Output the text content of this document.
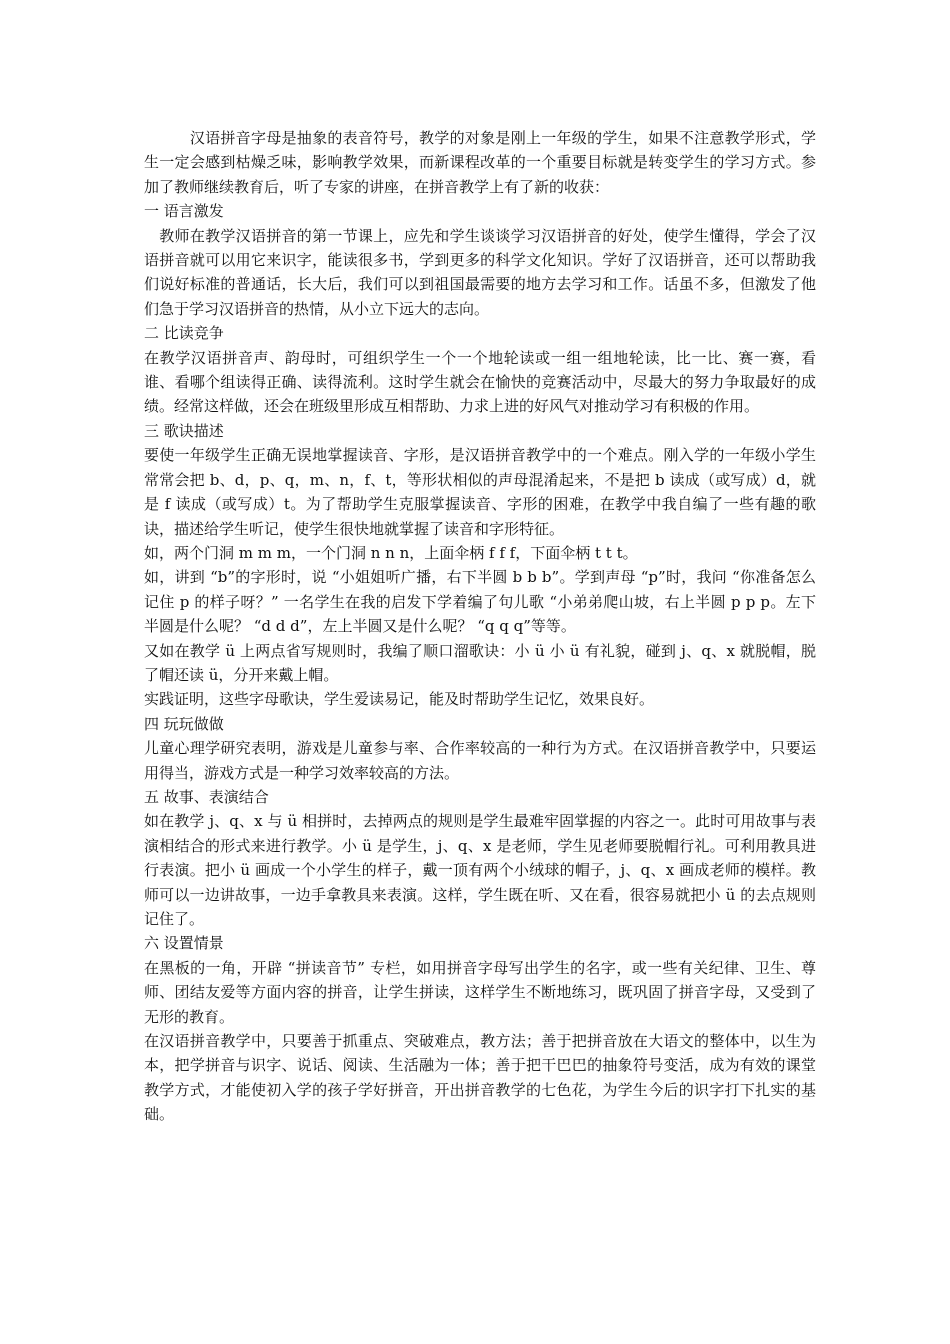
　　　汉语拼音字母是抽象的表音符号，教学的对象是刚上一年级的学生，如果不注意教学形式，学生一定会感到枯燥乏味，影响教学效果，而新课程改革的一个重要目标就是转变学生的学习方式。参加了教师继续教育后，听了专家的讲座，在拼音教学上有了新的收获：

一 语言激发

　教师在教学汉语拼音的第一节课上，应先和学生谈谈学习汉语拼音的好处，使学生懂得，学会了汉语拼音就可以用它来识字，能读很多书，学到更多的科学文化知识。学好了汉语拼音，还可以帮助我们说好标准的普通话，长大后，我们可以到祖国最需要的地方去学习和工作。话虽不多，但激发了他们急于学习汉语拼音的热情，从小立下远大的志向。

二 比读竞争

在教学汉语拼音声、韵母时，可组织学生一个一个地轮读或一组一组地轮读，比一比、赛一赛，看谁、看哪个组读得正确、读得流利。这时学生就会在愉快的竞赛活动中，尽最大的努力争取最好的成绩。经常这样做，还会在班级里形成互相帮助、力求上进的好风气对推动学习有积极的作用。

三 歌诀描述

要使一年级学生正确无误地掌握读音、字形，是汉语拼音教学中的一个难点。刚入学的一年级小学生常常会把 b、d，p、q，m、n，f、t，等形状相似的声母混淆起来，不是把 b 读成（或写成）d，就是 f 读成（或写成）t。为了帮助学生克服掌握读音、字形的困难，在教学中我自编了一些有趣的歌诀，描述给学生听记，使学生很快地就掌握了读音和字形特征。

如，两个门洞 m m m，一个门洞 n n n，上面伞柄 f f f，下面伞柄 t t t。

如，讲到 “b”的字形时，说 “小姐姐听广播，右下半圆 b b b”。学到声母 “p”时，我问 “你准备怎么记住 p 的样子呀？” 一名学生在我的启发下学着编了句儿歌 “小弟弟爬山坡，右上半圆 p p p。左下半圆是什么呢？ “d d d”，左上半圆又是什么呢？ “q q q”等等。

又如在教学 ü 上两点省写规则时，我编了顺口溜歌诀：小 ü 小 ü 有礼貌，碰到 j、q、x 就脱帽，脱了帽还读 ü，分开来戴上帽。

实践证明，这些字母歌诀，学生爱读易记，能及时帮助学生记忆，效果良好。

四 玩玩做做

儿童心理学研究表明，游戏是儿童参与率、合作率较高的一种行为方式。在汉语拼音教学中，只要运用得当，游戏方式是一种学习效率较高的方法。

五 故事、表演结合

如在教学 j、q、x 与 ü 相拼时，去掉两点的规则是学生最难牢固掌握的内容之一。此时可用故事与表演相结合的形式来进行教学。小 ü 是学生，j、q、x 是老师，学生见老师要脱帽行礼。可利用教具进行表演。把小 ü 画成一个小学生的样子，戴一顶有两个小绒球的帽子，j、q、x 画成老师的模样。教师可以一边讲故事，一边手拿教具来表演。这样，学生既在听、又在看，很容易就把小 ü 的去点规则记住了。

六 设置情景

在黑板的一角，开辟 “拼读音节” 专栏，如用拼音字母写出学生的名字，或一些有关纪律、卫生、尊师、团结友爱等方面内容的拼音，让学生拼读，这样学生不断地练习，既巩固了拼音字母，又受到了无形的教育。

在汉语拼音教学中，只要善于抓重点、突破难点，教方法；善于把拼音放在大语文的整体中，以生为本，把学拼音与识字、说话、阅读、生活融为一体；善于把干巴巴的抽象符号变活，成为有效的课堂教学方式，才能使初入学的孩子学好拼音，开出拼音教学的七色花，为学生今后的识字打下扎实的基础。
